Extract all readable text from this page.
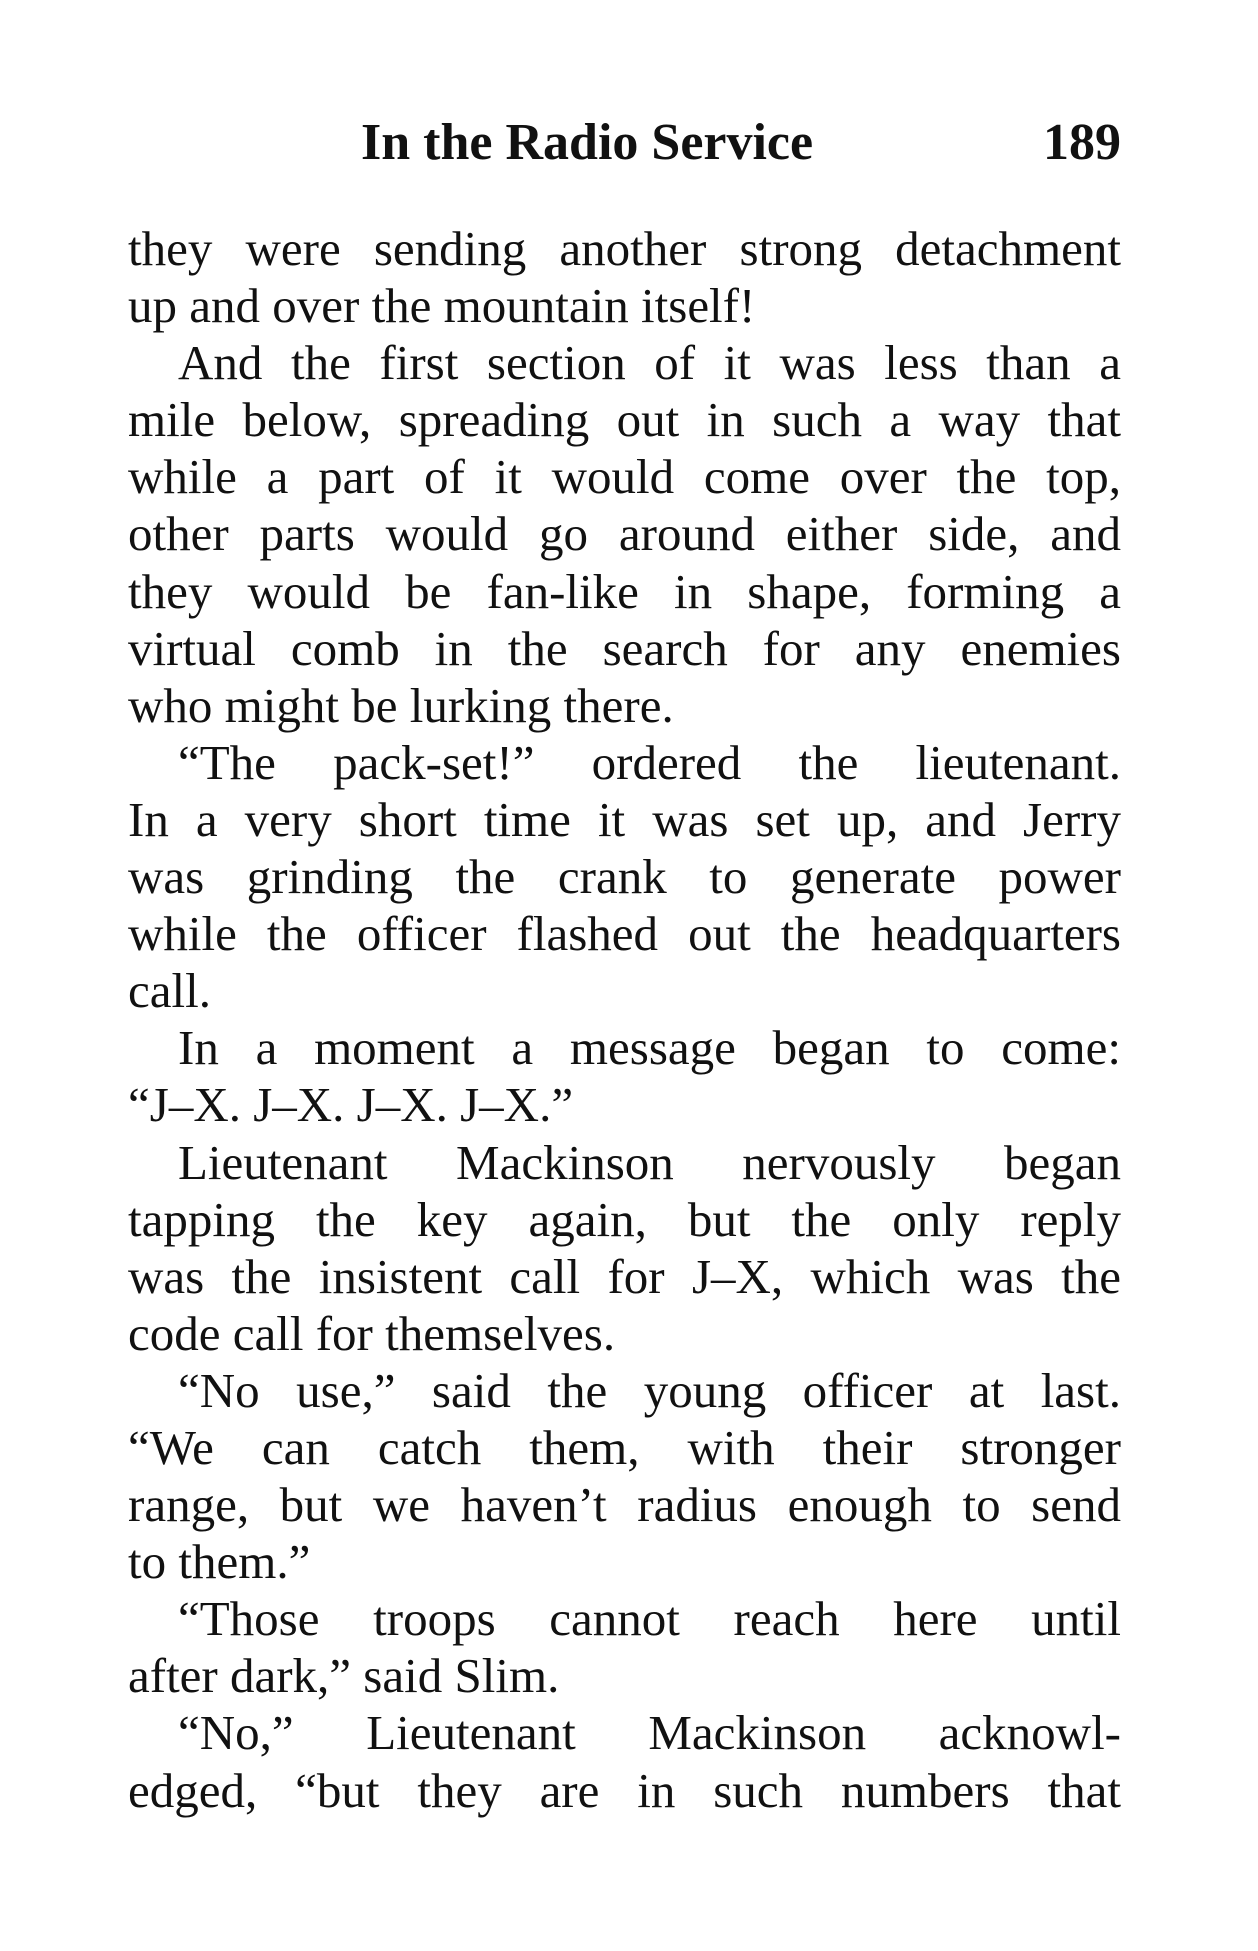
In the Radio Service	189
they were sending another strong detachment
up and over the mountain itself!
And the first section of it was less than a
mile below, spreading out in such a way that
while a part of it would come over the top,
other parts would go around either side, and
they would be fan-like in shape, forming a
virtual comb in the search for any enemies
who might be lurking there.
“The pack-set!” ordered the lieutenant.
In a very short time it was set up, and Jerry
was grinding the crank to generate power
while the officer flashed out the headquarters
call.
In a moment a message began to come:
“J–X. J–X. J–X. J–X.”
Lieutenant Mackinson nervously began
tapping the key again, but the only reply
was the insistent call for J–X, which was the
code call for themselves.
“No use,” said the young officer at last.
“We can catch them, with their stronger
range, but we haven’t radius enough to send
to them.”
“Those troops cannot reach here until
after dark,” said Slim.
“No,” Lieutenant Mackinson acknowl-
edged, “but they are in such numbers that
